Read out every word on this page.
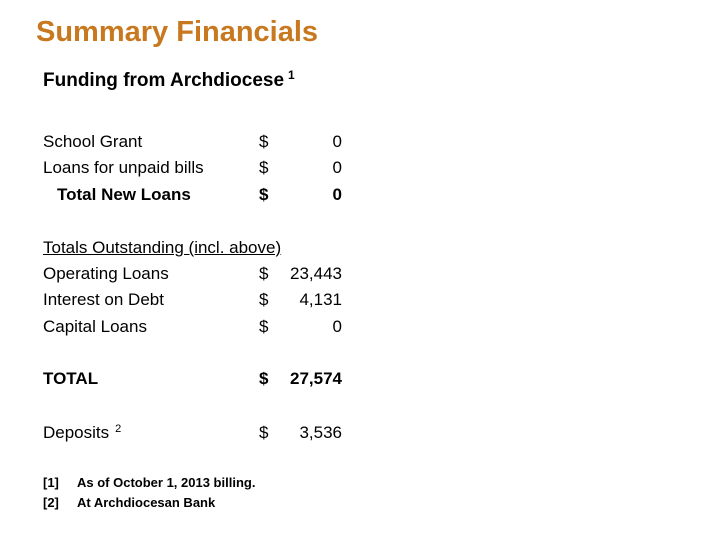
Summary Financials
Funding from Archdiocese $^1$
School Grant	$	0
Loans for unpaid bills	$	0
Total New Loans	$	0
Totals Outstanding (incl. above)
Operating Loans	$	23,443
Interest on Debt	$	4,131
Capital Loans	$	0
TOTAL	$	27,574
Deposits $^2$	$	3,536
[1] As of October 1, 2013 billing.
[2] At Archdiocesan Bank
